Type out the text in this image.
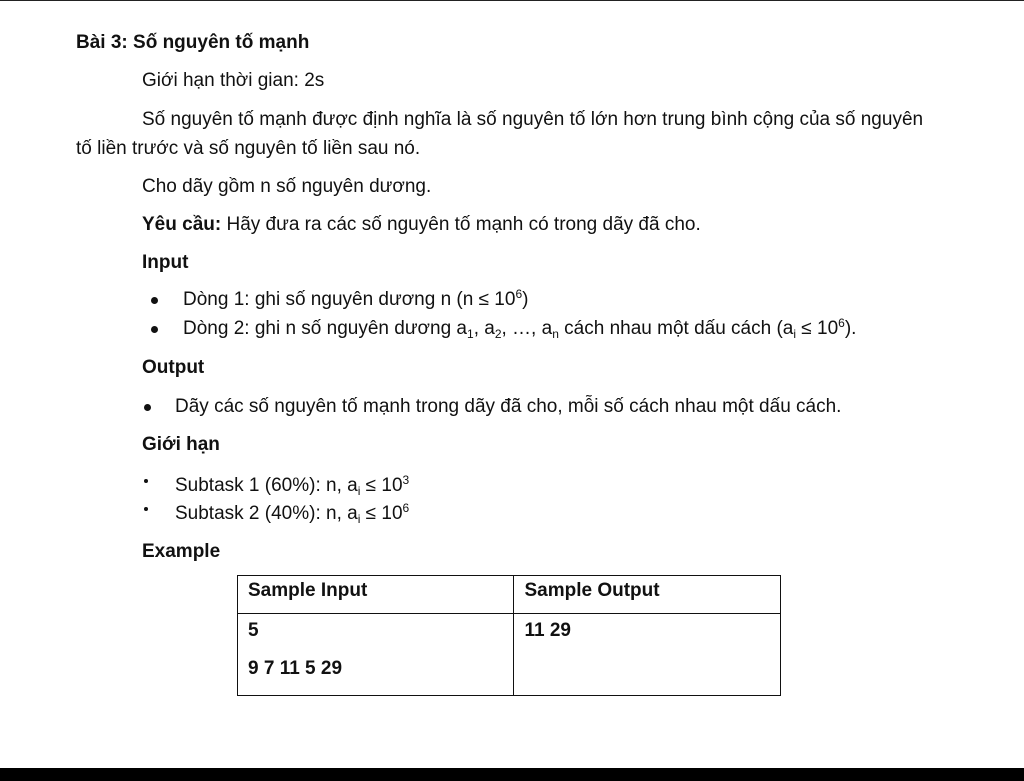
Bài 3: Số nguyên tố mạnh
Giới hạn thời gian: 2s
Số nguyên tố mạnh được định nghĩa là số nguyên tố lớn hơn trung bình cộng của số nguyên
tố liền trước và số nguyên tố liền sau nó.
Cho dãy gồm n số nguyên dương.
Yêu cầu: Hãy đưa ra các số nguyên tố mạnh có trong dãy đã cho.
Input
Dòng 1: ghi số nguyên dương n $(n \le 10^6)$
Dòng 2: ghi n số nguyên dương $a_1$, $a_2$, …, $a_n$ cách nhau một dấu cách $(a_i \le 10^6)$.
Output
Dãy các số nguyên tố mạnh trong dãy đã cho, mỗi số cách nhau một dấu cách.
Giới hạn
Subtask 1 (60%): n, $a_i \le 10^3$
Subtask 2 (40%): n, $a_i \le 10^6$
Example
Sample Input	Sample Output

5
9 7 11 5 29	11 29
